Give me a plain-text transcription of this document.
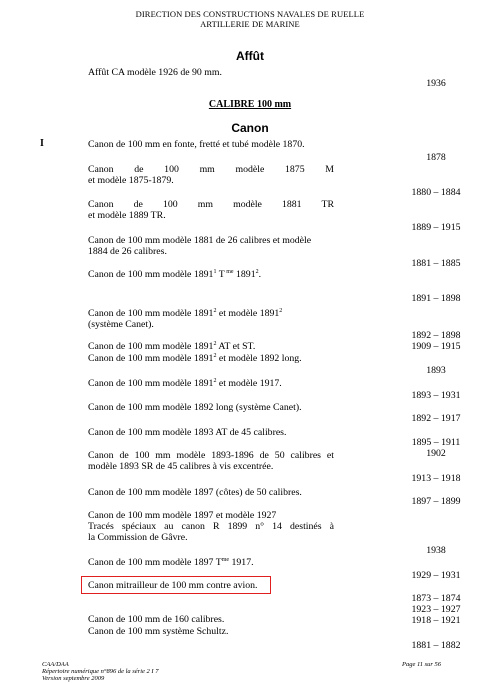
DIRECTION DES CONSTRUCTIONS NAVALES DE RUELLE
ARTILLERIE DE MARINE
Affût
Affût CA modèle 1926 de 90 mm.
1936
CALIBRE 100 mm
Canon
I	Canon de 100 mm en fonte, fretté et tubé modèle 1870.
Canon de 100 mm modèle 1875 M
et modèle 1875-1879.
Canon de 100 mm modèle 1881 TR
et modèle 1889 TR.
Canon de 100 mm modèle 1881 de 26 calibres et modèle
1884 de 26 calibres.
Canon de 100 mm modèle 1891$^1$ T $^{me}$ 1891$^2$.
Canon de 100 mm modèle 1891$^2$ et modèle 1891$^2$
(système Canet).
Canon de 100 mm modèle 1891$^2$ AT et ST.
Canon de 100 mm modèle 1891$^2$ et modèle 1892 long.
Canon de 100 mm modèle 1891$^2$ et modèle 1917.
Canon de 100 mm modèle 1892 long (système Canet).
Canon de 100 mm modèle 1893 AT de 45 calibres.
Canon de 100 mm modèle 1893-1896 de 50 calibres et
modèle 1893 SR de 45 calibres à vis excentrée.
Canon de 100 mm modèle 1897 (côtes) de 50 calibres.
Canon de 100 mm modèle 1897 et modèle 1927
Tracés spéciaux au canon R 1899 n° 14 destinés à
la Commission de Gâvre.
Canon de 100 mm modèle 1897 $T^{me}$ 1917.
Canon mitrailleur de 100 mm contre avion.
Canon de 100 mm de 160 calibres.
Canon de 100 mm système Schultz.
1878
1880 – 1884
1889 – 1915
1881 – 1885
1891 – 1898
1892 – 1898
1909 – 1915
1893
1893 – 1931
1892 – 1917
1895 – 1911
1902
1913 – 1918
1897 – 1899
1938
1929 – 1931
1873 – 1874
1923 – 1927
1918 – 1921
1881 – 1882
CAA/DAA
Répertoire numérique n°896 de la série 2 I 7
Version septembre 2009
Page 11 sur 56
